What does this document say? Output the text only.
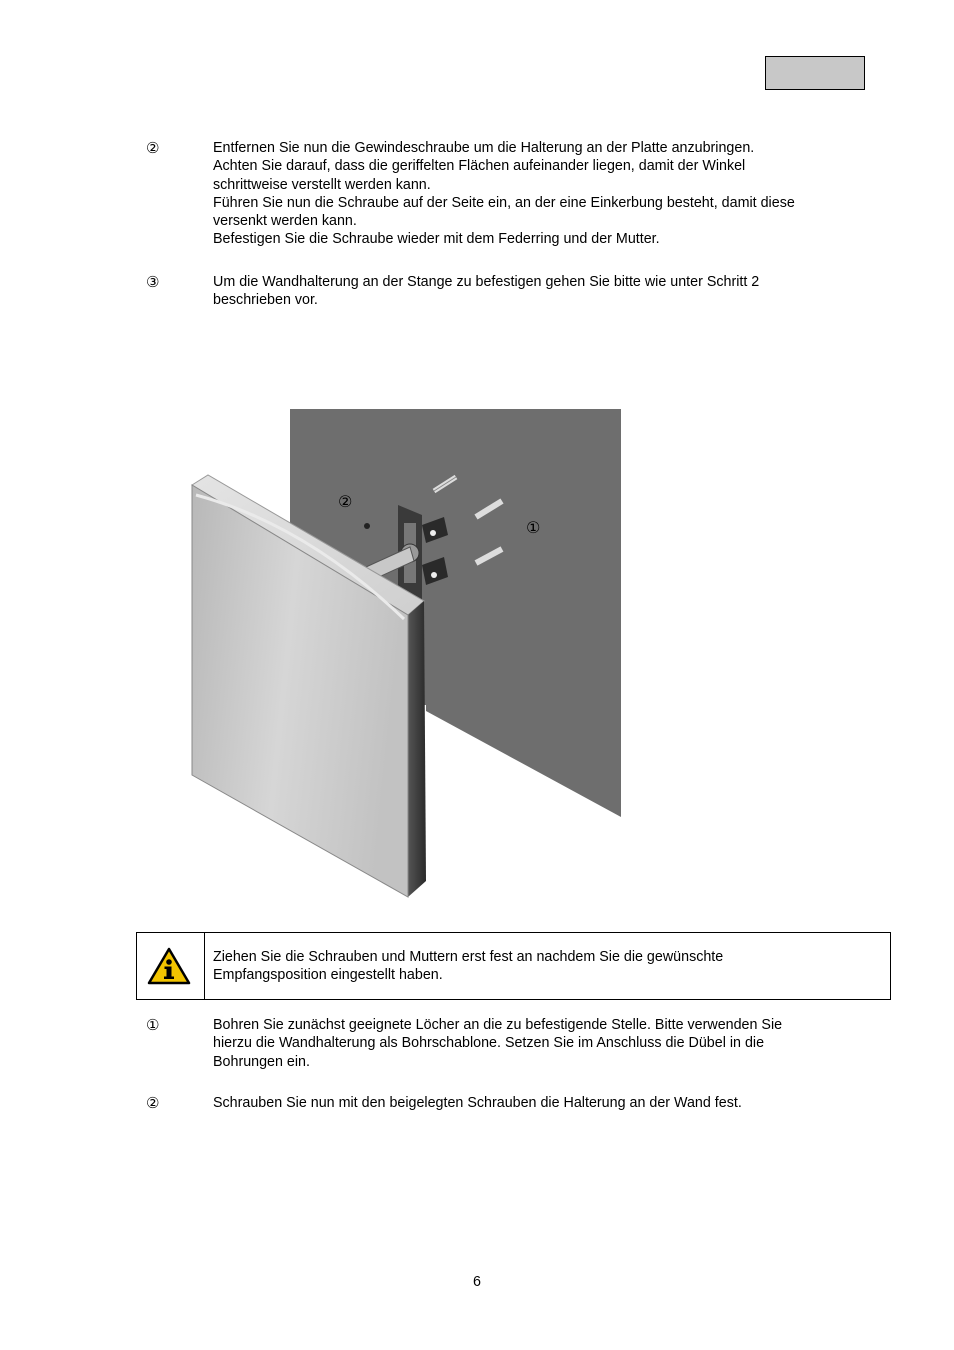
②	Entfernen Sie nun die Gewindeschraube um die Halterung an der Platte anzubringen.
Achten Sie darauf, dass die geriffelten Flächen aufeinander liegen, damit der Winkel
schrittweise verstellt werden kann.
Führen Sie nun die Schraube auf der Seite ein, an der eine Einkerbung besteht, damit diese
versenkt werden kann.
Befestigen Sie die Schraube wieder mit dem Federring und der Mutter.
③	Um die Wandhalterung an der Stange zu befestigen gehen Sie bitte wie unter Schritt 2
beschrieben vor.
②
①
Ziehen Sie die Schrauben und Muttern erst fest an nachdem Sie die gewünschte
Empfangsposition eingestellt haben.
①	Bohren Sie zunächst geeignete Löcher an die zu befestigende Stelle. Bitte verwenden Sie
hierzu die Wandhalterung als Bohrschablone. Setzen Sie im Anschluss die Dübel in die
Bohrungen ein.
②	Schrauben Sie nun mit den beigelegten Schrauben die Halterung an der Wand fest.
6
